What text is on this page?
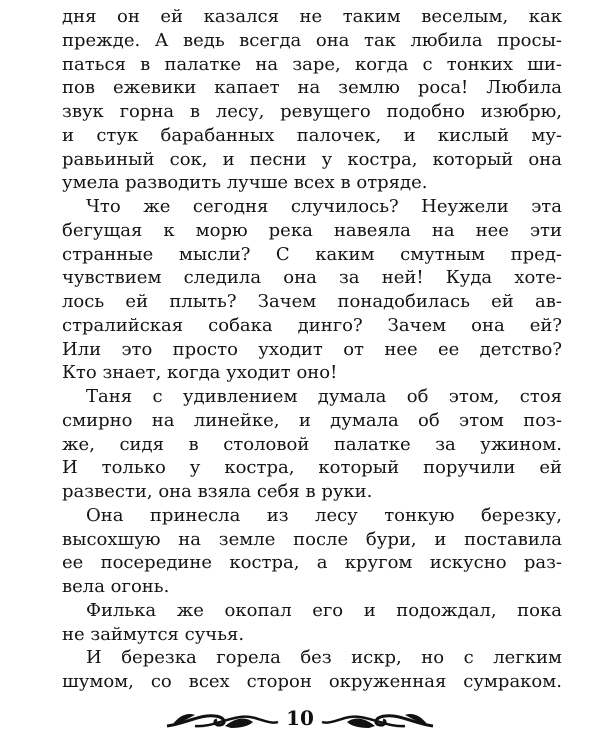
дня он ей казался не таким веселым, как
прежде. А ведь всегда она так любила просы-
паться в палатке на заре, когда с тонких ши-
пов ежевики капает на землю роса! Любила
звук горна в лесу, ревущего подобно изюбрю,
и стук барабанных палочек, и кислый му-
равьиный сок, и песни у костра, который она
умела разводить лучше всех в отряде.
Что же сегодня случилось? Неужели эта
бегущая к морю река навеяла на нее эти
странные мысли? С каким смутным пред-
чувствием следила она за ней! Куда хоте-
лось ей плыть? Зачем понадобилась ей ав-
стралийская собака динго? Зачем она ей?
Или это просто уходит от нее ее детство?
Кто знает, когда уходит оно!
Таня с удивлением думала об этом, стоя
смирно на линейке, и думала об этом поз-
же, сидя в столовой палатке за ужином.
И только у костра, который поручили ей
развести, она взяла себя в руки.
Она принесла из лесу тонкую березку,
высохшую на земле после бури, и поставила
ее посередине костра, а кругом искусно раз-
вела огонь.
Филька же окопал его и подождал, пока
не займутся сучья.
И березка горела без искр, но с легким
шумом, со всех сторон окруженная сумраком.
10
